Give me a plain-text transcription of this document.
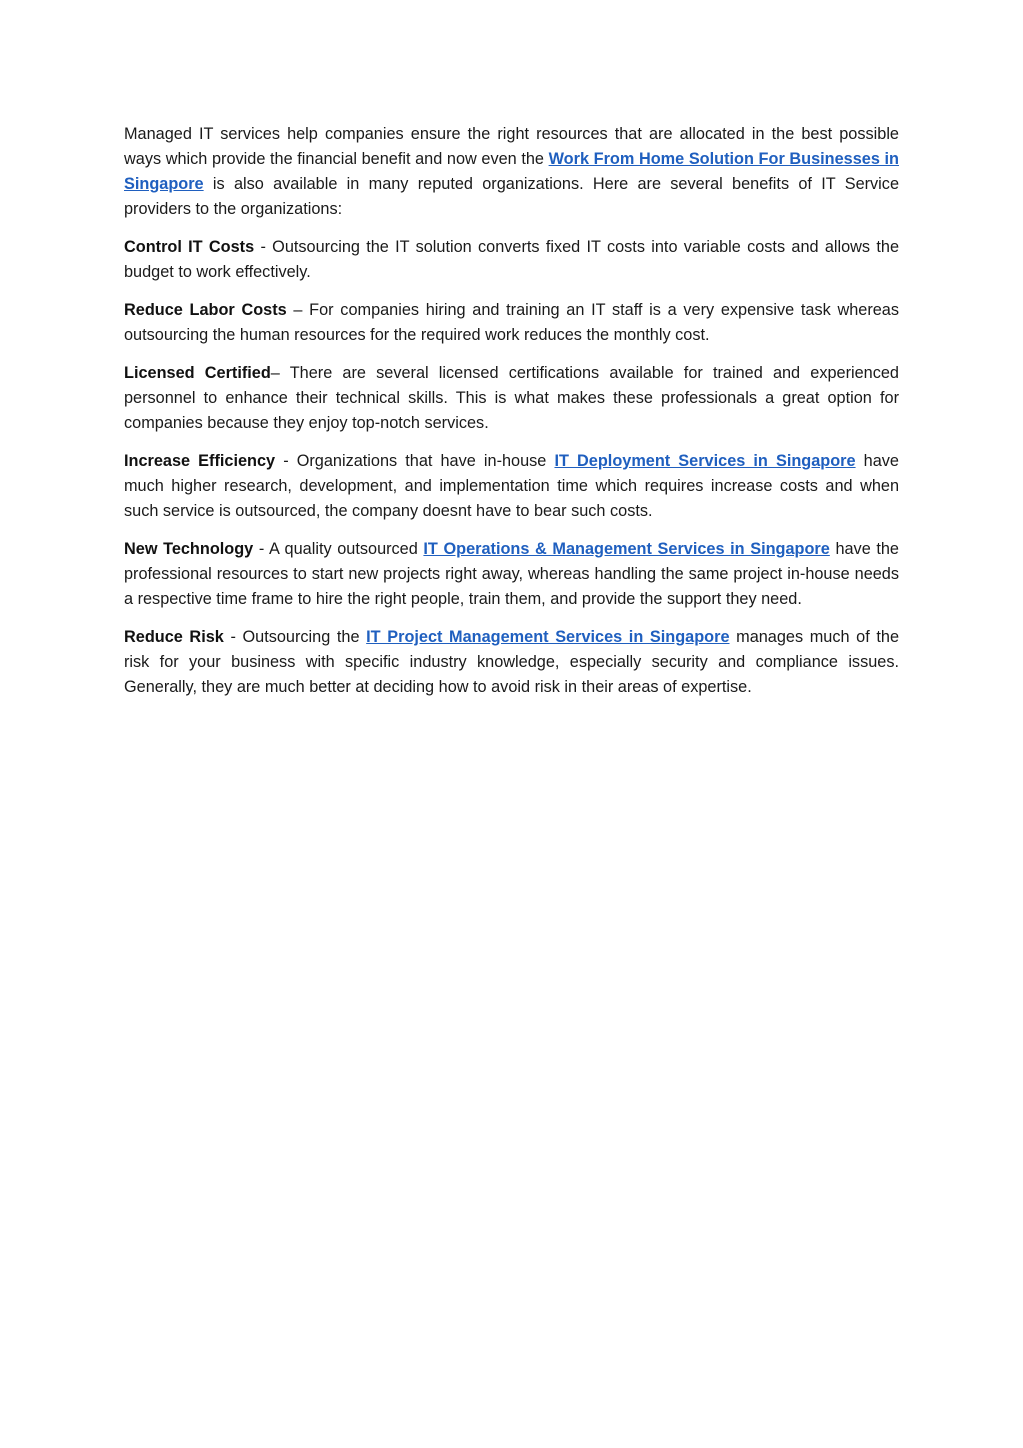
Managed IT services help companies ensure the right resources that are allocated in the best possible ways which provide the financial benefit and now even the Work From Home Solution For Businesses in Singapore is also available in many reputed organizations. Here are several benefits of IT Service providers to the organizations:

Control IT Costs - Outsourcing the IT solution converts fixed IT costs into variable costs and allows the budget to work effectively.

Reduce Labor Costs – For companies hiring and training an IT staff is a very expensive task whereas outsourcing the human resources for the required work reduces the monthly cost.

Licensed Certified– There are several licensed certifications available for trained and experienced personnel to enhance their technical skills. This is what makes these professionals a great option for companies because they enjoy top-notch services.

Increase Efficiency - Organizations that have in-house IT Deployment Services in Singapore have much higher research, development, and implementation time which requires increase costs and when such service is outsourced, the company doesnt have to bear such costs.

New Technology - A quality outsourced IT Operations & Management Services in Singapore have the professional resources to start new projects right away, whereas handling the same project in-house needs a respective time frame to hire the right people, train them, and provide the support they need.

Reduce Risk - Outsourcing the IT Project Management Services in Singapore manages much of the risk for your business with specific industry knowledge, especially security and compliance issues. Generally, they are much better at deciding how to avoid risk in their areas of expertise.
